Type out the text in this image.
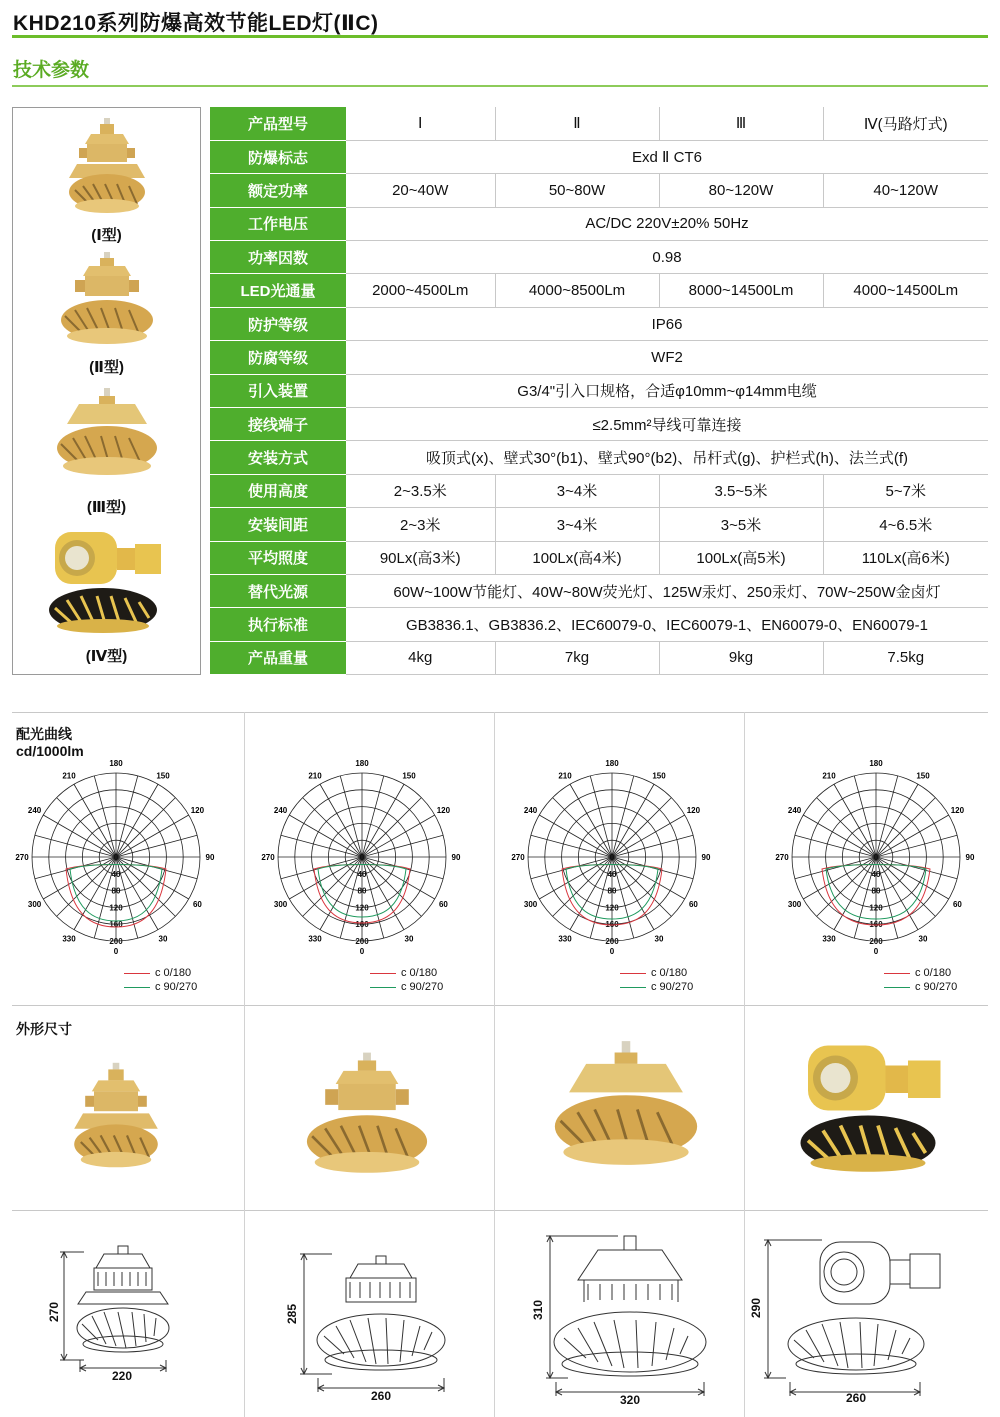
KHD210系列防爆高效节能LED灯(ⅡC)
技术参数
(Ⅰ型)
(Ⅱ型)
(Ⅲ型)
(Ⅳ型)
产品型号	Ⅰ	Ⅱ	Ⅲ	Ⅳ(马路灯式)
防爆标志	Exd Ⅱ CT6			
额定功率	20~40W	50~80W	80~120W	40~120W
工作电压	AC/DC 220V±20% 50Hz			
功率因数	0.98			
LED光通量	2000~4500Lm	4000~8500Lm	8000~14500Lm	4000~14500Lm
防护等级	IP66			
防腐等级	WF2			
引入装置	G3/4"引入口规格，合适φ10mm~φ14mm电缆			
接线端子	≤2.5mm²导线可靠连接			
安装方式	吸顶式(x)、壁式30°(b1)、壁式90°(b2)、吊杆式(g)、护栏式(h)、法兰式(f)			
使用高度	2~3.5米	3~4米	3.5~5米	5~7米
安装间距	2~3米	3~4米	3~5米	4~6.5米
平均照度	90Lx(高3米)	100Lx(高4米)	100Lx(高5米)	110Lx(高6米)
替代光源	60W~100W节能灯、40W~80W荧光灯、125W汞灯、250汞灯、70W~250W金卤灯			
执行标准	GB3836.1、GB3836.2、IEC60079-0、IEC60079-1、EN60079-0、EN60079-1			
产品重量	4kg	7kg	9kg	7.5kg
配光曲线
cd/1000lm
180
150
120
90
60
30
0
330
300
270
240
210
0
40
80
120
160
200
180
150
120
90
60
30
0
330
300
270
240
210
0
40
80
120
160
200
180
150
120
90
60
30
0
330
300
270
240
210
0
40
80
120
160
200
180
150
120
90
60
30
0
330
300
270
240
210
0
40
80
120
160
200
外形尺寸
270
220
285
260
310
320
290
260
c 0/180
c 90/270
c 0/180
c 90/270
c 0/180
c 90/270
c 0/180
c 90/270
